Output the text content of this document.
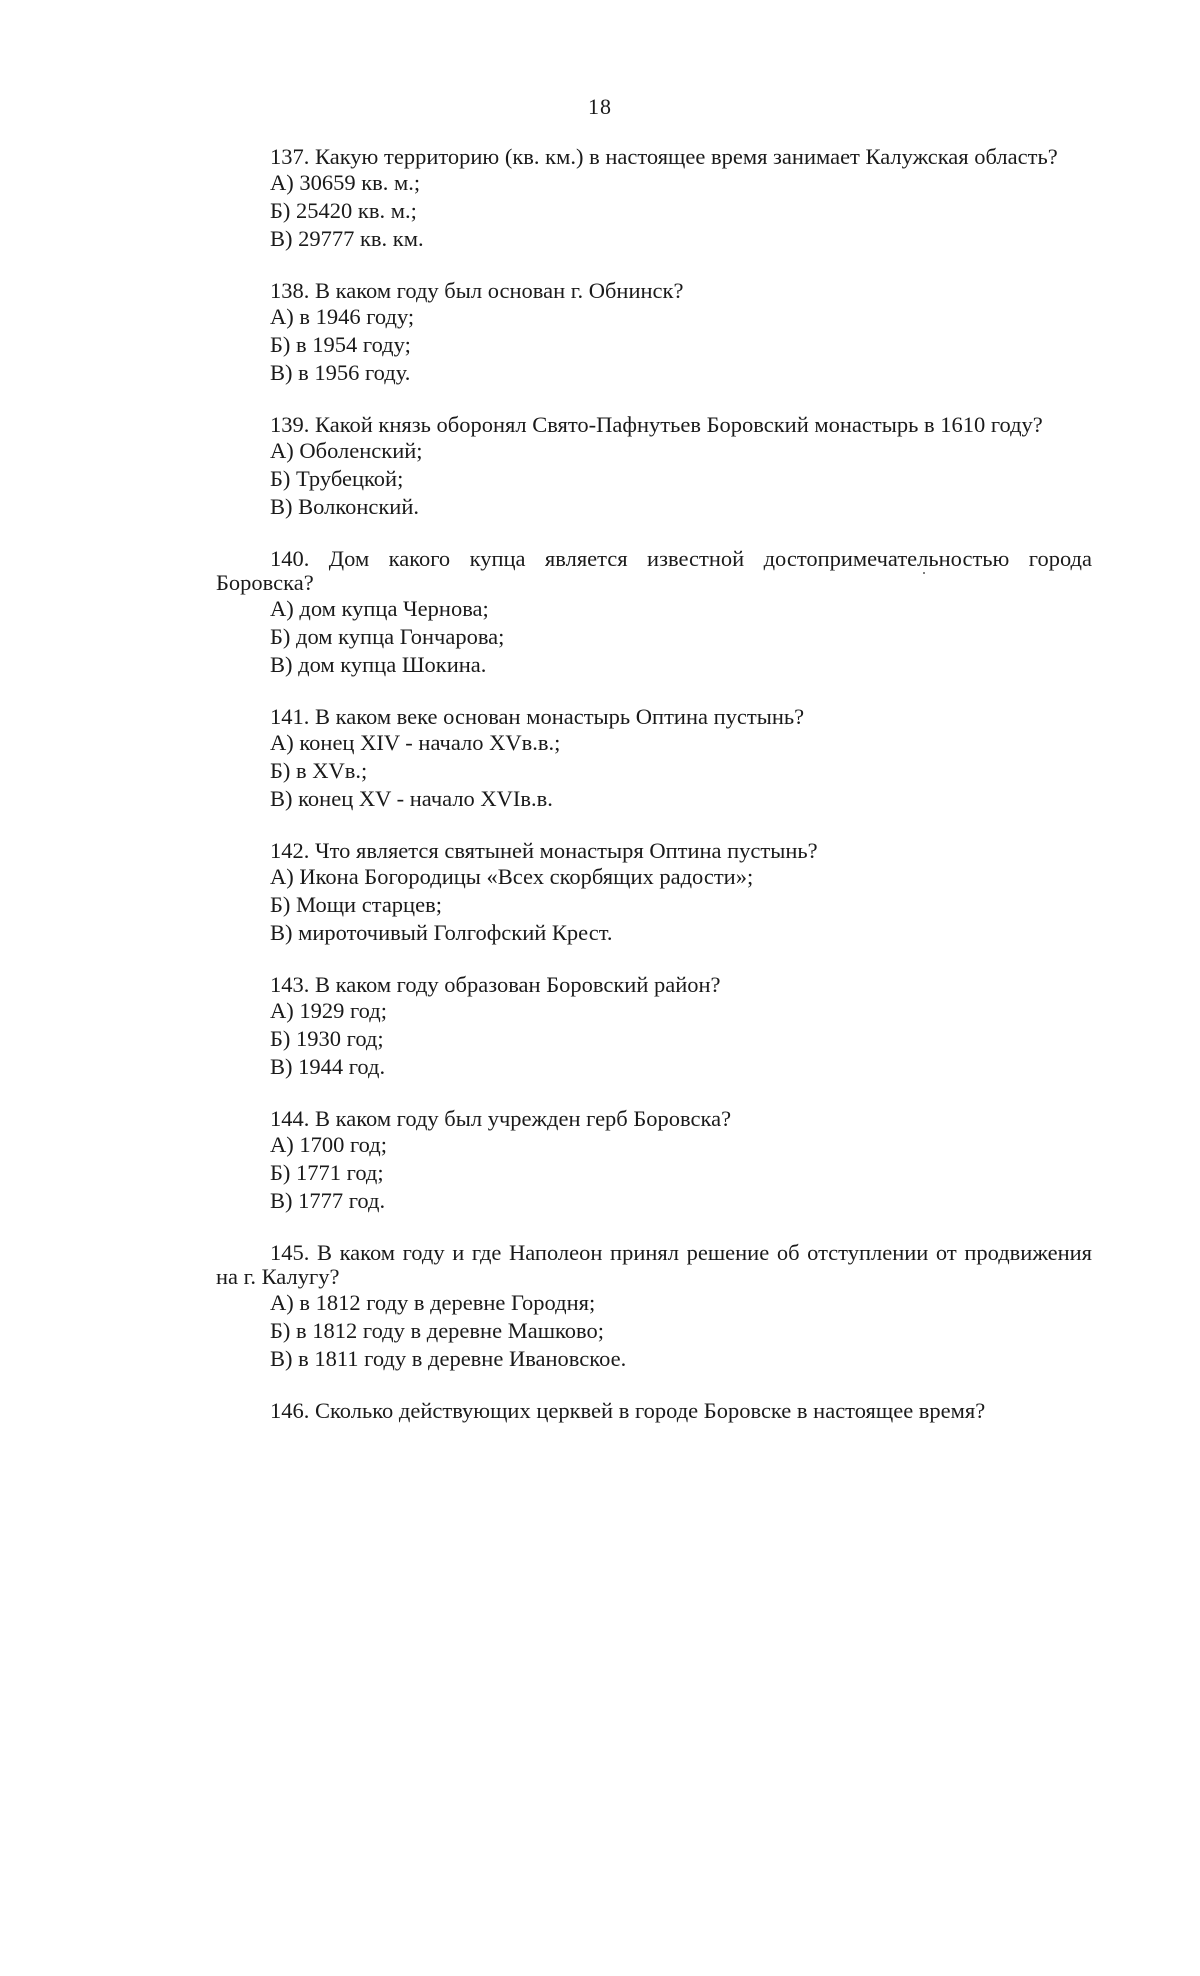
18

137. Какую территорию (кв. км.) в настоящее время занимает Калужская область?

А) 30659 кв. м.;
Б) 25420 кв. м.;
В) 29777 кв. км.

138. В каком году был основан г. Обнинск?

А) в 1946 году;
Б) в 1954 году;
В) в 1956 году.

139. Какой князь оборонял Свято-Пафнутьев Боровский монастырь в 1610 году?

А) Оболенский;
Б) Трубецкой;
В) Волконский.

140. Дом какого купца является известной достопримечательностью города Боровска?

А) дом купца Чернова;
Б) дом купца Гончарова;
В) дом купца Шокина.

141. В каком веке основан монастырь Оптина пустынь?

А) конец XIV - начало XVв.в.;
Б) в XVв.;
В) конец XV - начало XVIв.в.

142. Что является святыней монастыря Оптина пустынь?

А) Икона Богородицы «Всех скорбящих радости»;
Б) Мощи старцев;
В) мироточивый Голгофский Крест.

143. В каком году образован Боровский район?

А) 1929 год;
Б) 1930 год;
В) 1944 год.

144. В каком году был учрежден герб Боровска?

А) 1700 год;
Б) 1771 год;
В) 1777 год.

145. В каком году и где Наполеон принял решение об отступлении от продвижения на г. Калугу?

А) в 1812 году в деревне Городня;
Б) в 1812 году в деревне Машково;
В) в 1811 году в деревне Ивановское.

146. Сколько действующих церквей в городе Боровске в настоящее время?
